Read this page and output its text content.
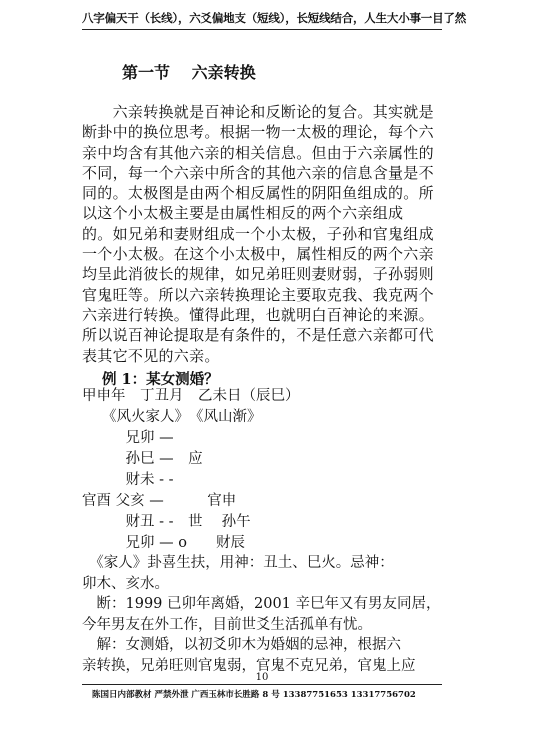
八字偏天干（长线），六爻偏地支（短线），长短线结合，人生大小事一目了然
第一节 六亲转换
　　六亲转换就是百神论和反断论的复合。其实就是
断卦中的换位思考。根据一物一太极的理论，每个六
亲中均含有其他六亲的相关信息。但由于六亲属性的
不同，每一个六亲中所含的其他六亲的信息含量是不
同的。太极图是由两个相反属性的阴阳鱼组成的。所
以这个小太极主要是由属性相反的两个六亲组成
的。如兄弟和妻财组成一个小太极，子孙和官鬼组成
一个小太极。在这个小太极中，属性相反的两个六亲
均呈此消彼长的规律，如兄弟旺则妻财弱，子孙弱则
官鬼旺等。所以六亲转换理论主要取克我、我克两个
六亲进行转换。懂得此理，也就明白百神论的来源。
所以说百神论提取是有条件的，不是任意六亲都可代
表其它不见的六亲。
例 1：某女测婚？
甲申年　丁丑月　乙未日（辰巳）
《风火家人》　《风山渐》
　　　兄卯 —
　　　孙巳 —　应
　　　财未 - -
官酉 父亥 —　　　官申
　　　财丑 - -　世　 孙午
　　　兄卯 — o　　财辰
　《家人》卦喜生扶，用神：丑土、巳火。忌神：
卯木、亥水。
　断：1999 已卯年离婚，2001 辛巳年又有男友同居，
今年男友在外工作，目前世爻生活孤单有忧。
　解：女测婚，以初爻卯木为婚姻的忌神，根据六
亲转换，兄弟旺则官鬼弱，官鬼不克兄弟，官鬼上应
10
陈国日内部教材 严禁外泄 广西玉林市长胜路 8 号 13387751653 13317756702
